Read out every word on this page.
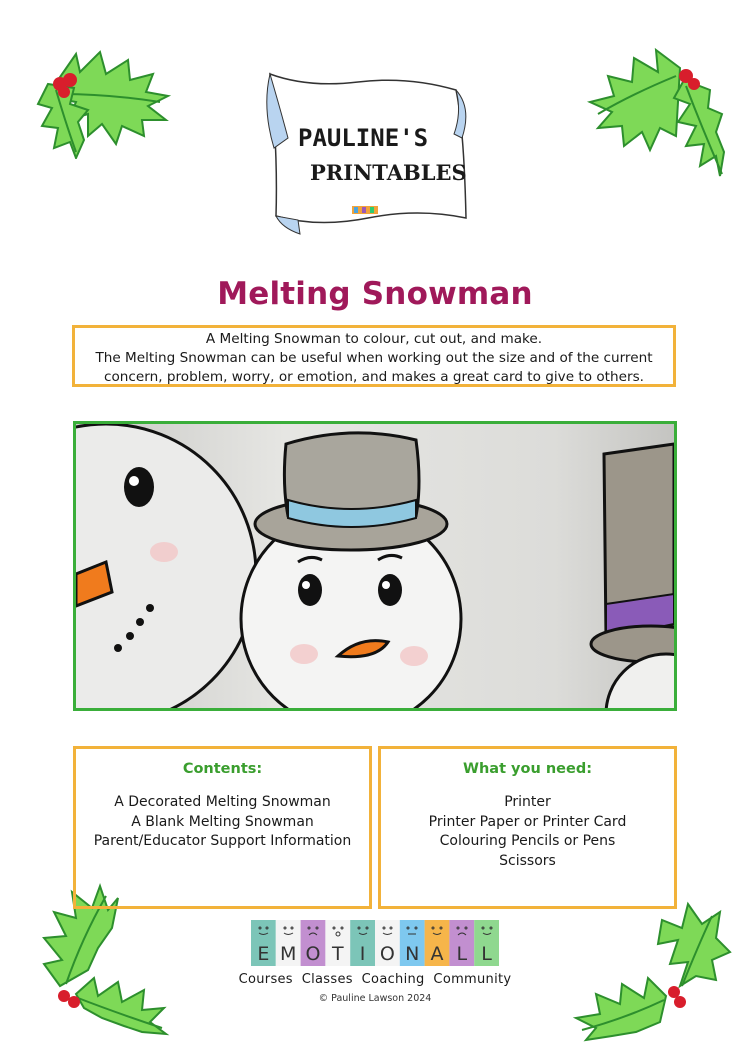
PAULINE'S
PRINTABLES
Melting Snowman

A Melting Snowman to colour, cut out, and make.

The Melting Snowman can be useful when working out the size and of the current

concern, problem, worry, or emotion, and makes a great card to give to others.

Contents:
A Decorated Melting Snowman
A Blank Melting Snowman
Parent/Educator Support Information
What you need:
Printer
Printer Paper or Printer Card
Colouring Pencils or Pens
Scissors
E M O T I O N A L L
Courses  Classes  Coaching  Community
© Pauline Lawson 2024
